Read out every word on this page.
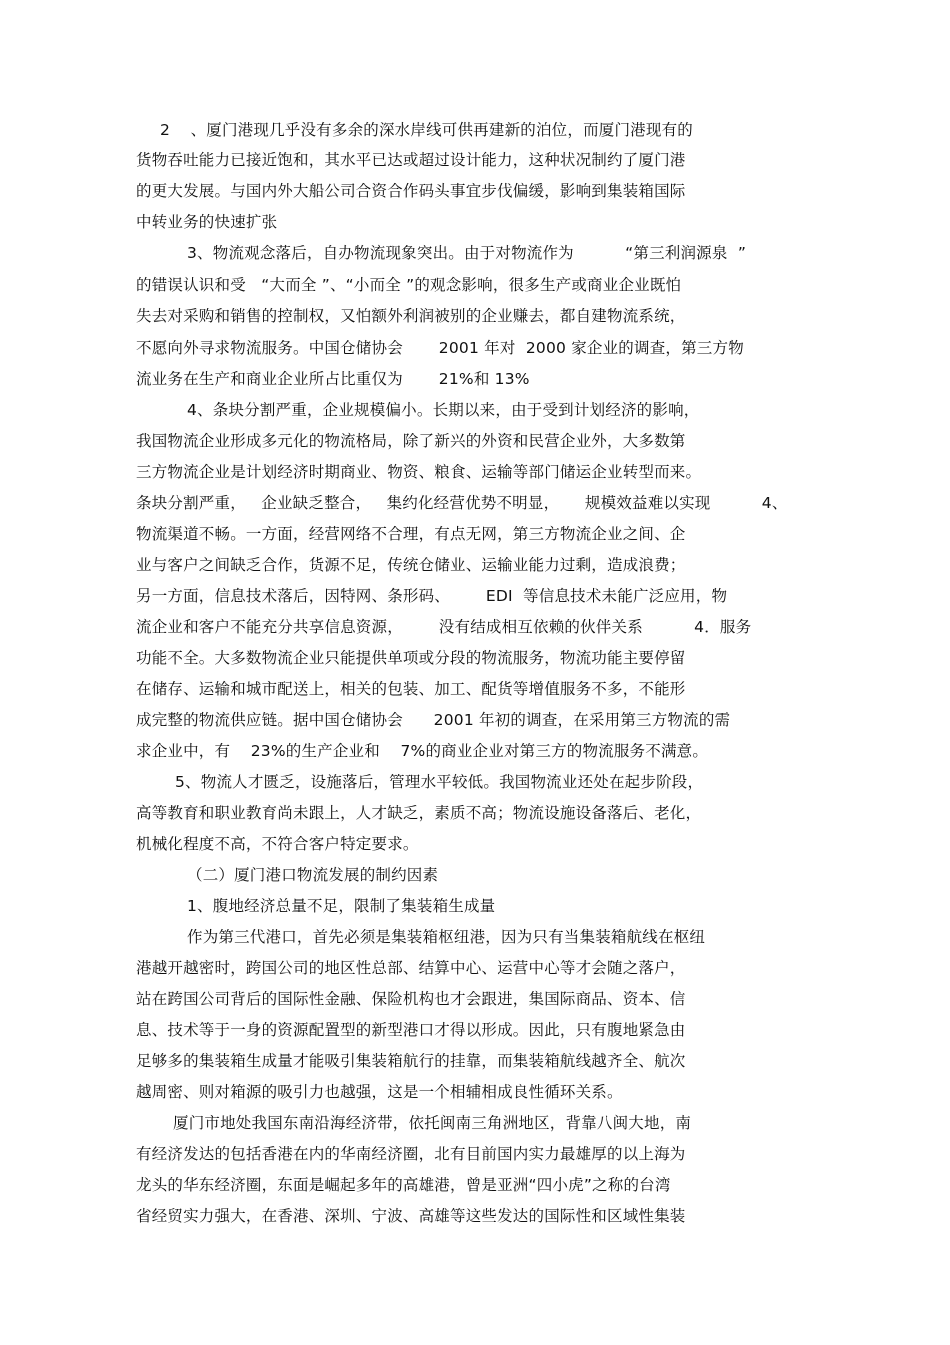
2    、厦门港现几乎没有多余的深水岸线可供再建新的泊位，而厦门港现有的
货物吞吐能力已接近饱和，其水平已达或超过设计能力，这种状况制约了厦门港
的更大发展。与国内外大船公司合资合作码头事宜步伐偏缓，影响到集装箱国际
中转业务的快速扩张
3、物流观念落后，自办物流现象突出。由于对物流作为          “第三利润源泉  ”
的错误认识和受   “大而全 ”、“小而全 ”的观念影响，很多生产或商业企业既怕
失去对采购和销售的控制权，又怕额外利润被别的企业赚去，都自建物流系统，
不愿向外寻求物流服务。中国仓储协会       2001 年对  2000 家企业的调查，第三方物
流业务在生产和商业企业所占比重仅为       21%和 13%
4、条块分割严重，企业规模偏小。长期以来，由于受到计划经济的影响，
我国物流企业形成多元化的物流格局，除了新兴的外资和民营企业外，大多数第
三方物流企业是计划经济时期商业、物资、粮食、运输等部门储运企业转型而来。
条块分割严重，   企业缺乏整合，   集约化经营优势不明显，     规模效益难以实现          4、
物流渠道不畅。一方面，经营网络不合理，有点无网，第三方物流企业之间、企
业与客户之间缺乏合作，货源不足，传统仓储业、运输业能力过剩，造成浪费；
另一方面，信息技术落后，因特网、条形码、       EDI  等信息技术未能广泛应用，物
流企业和客户不能充分共享信息资源，       没有结成相互依赖的伙伴关系          4．服务
功能不全。大多数物流企业只能提供单项或分段的物流服务，物流功能主要停留
在储存、运输和城市配送上，相关的包装、加工、配货等增值服务不多，不能形
成完整的物流供应链。据中国仓储协会      2001 年初的调查，在采用第三方物流的需
求企业中，有    23%的生产企业和    7%的商业企业对第三方的物流服务不满意。
5、物流人才匮乏，设施落后，管理水平较低。我国物流业还处在起步阶段，
高等教育和职业教育尚未跟上，人才缺乏，素质不高；物流设施设备落后、老化，
机械化程度不高，不符合客户特定要求。
（二）厦门港口物流发展的制约因素
1、腹地经济总量不足，限制了集装箱生成量
作为第三代港口，首先必须是集装箱枢纽港，因为只有当集装箱航线在枢纽
港越开越密时，跨国公司的地区性总部、结算中心、运营中心等才会随之落户，
站在跨国公司背后的国际性金融、保险机构也才会跟进，集国际商品、资本、信
息、技术等于一身的资源配置型的新型港口才得以形成。因此，只有腹地紧急由
足够多的集装箱生成量才能吸引集装箱航行的挂靠，而集装箱航线越齐全、航次
越周密、则对箱源的吸引力也越强，这是一个相辅相成良性循环关系。
厦门市地处我国东南沿海经济带，依托闽南三角洲地区，背靠八闽大地，南
有经济发达的包括香港在内的华南经济圈，北有目前国内实力最雄厚的以上海为
龙头的华东经济圈，东面是崛起多年的高雄港，曾是亚洲“四小虎”之称的台湾
省经贸实力强大，在香港、深圳、宁波、高雄等这些发达的国际性和区域性集装
